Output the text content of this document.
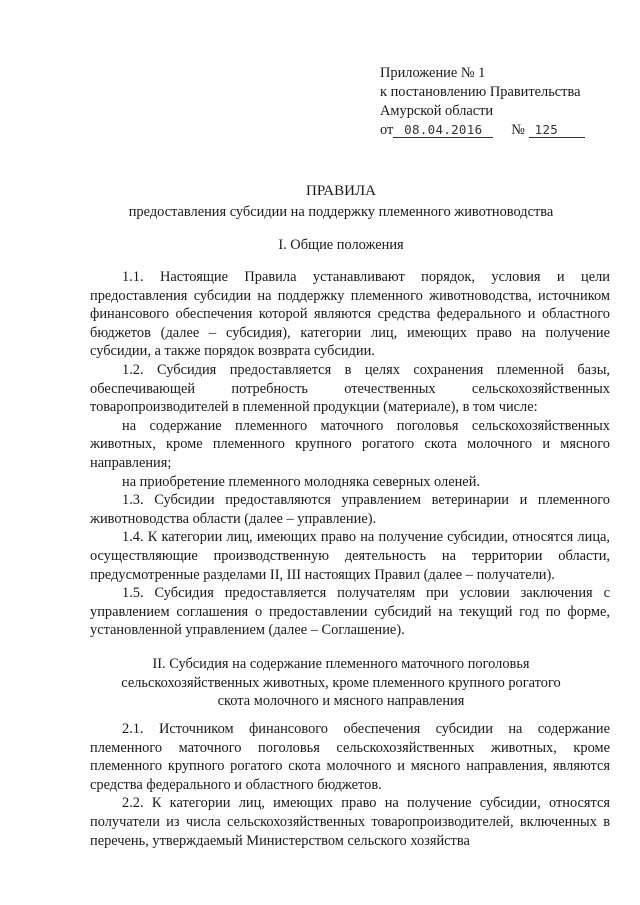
Приложение № 1
к постановлению Правительства
Амурской области
от 08.04.2016 № 125
ПРАВИЛА
предоставления субсидии на поддержку племенного животноводства
I. Общие положения

1.1. Настоящие Правила устанавливают порядок, условия и цели предоставления субсидии на поддержку племенного животноводства, источником финансового обеспечения которой являются средства федерального и областного бюджетов (далее – субсидия), категории лиц, имеющих право на получение субсидии, а также порядок возврата субсидии.

1.2. Субсидия предоставляется в целях сохранения племенной базы, обеспечивающей потребность отечественных сельскохозяйственных товаропроизводителей в племенной продукции (материале), в том числе:

на содержание племенного маточного поголовья сельскохозяйственных животных, кроме племенного крупного рогатого скота молочного и мясного направления;

на приобретение племенного молодняка северных оленей.

1.3. Субсидии предоставляются управлением ветеринарии и племенного животноводства области (далее – управление).

1.4. К категории лиц, имеющих право на получение субсидии, относятся лица, осуществляющие производственную деятельность на территории области, предусмотренные разделами II, III настоящих Правил (далее – получатели).

1.5. Субсидия предоставляется получателям при условии заключения с управлением соглашения о предоставлении субсидий на текущий год по форме, установленной управлением (далее – Соглашение).

II. Субсидия на содержание племенного маточного поголовья
сельскохозяйственных животных, кроме племенного крупного рогатого
скота молочного и мясного направления

2.1. Источником финансового обеспечения субсидии на содержание племенного маточного поголовья сельскохозяйственных животных, кроме племенного крупного рогатого скота молочного и мясного направления, являются средства федерального и областного бюджетов.

2.2. К категории лиц, имеющих право на получение субсидии, относятся получатели из числа сельскохозяйственных товаропроизводителей, включенных в перечень, утверждаемый Министерством сельского хозяйства
